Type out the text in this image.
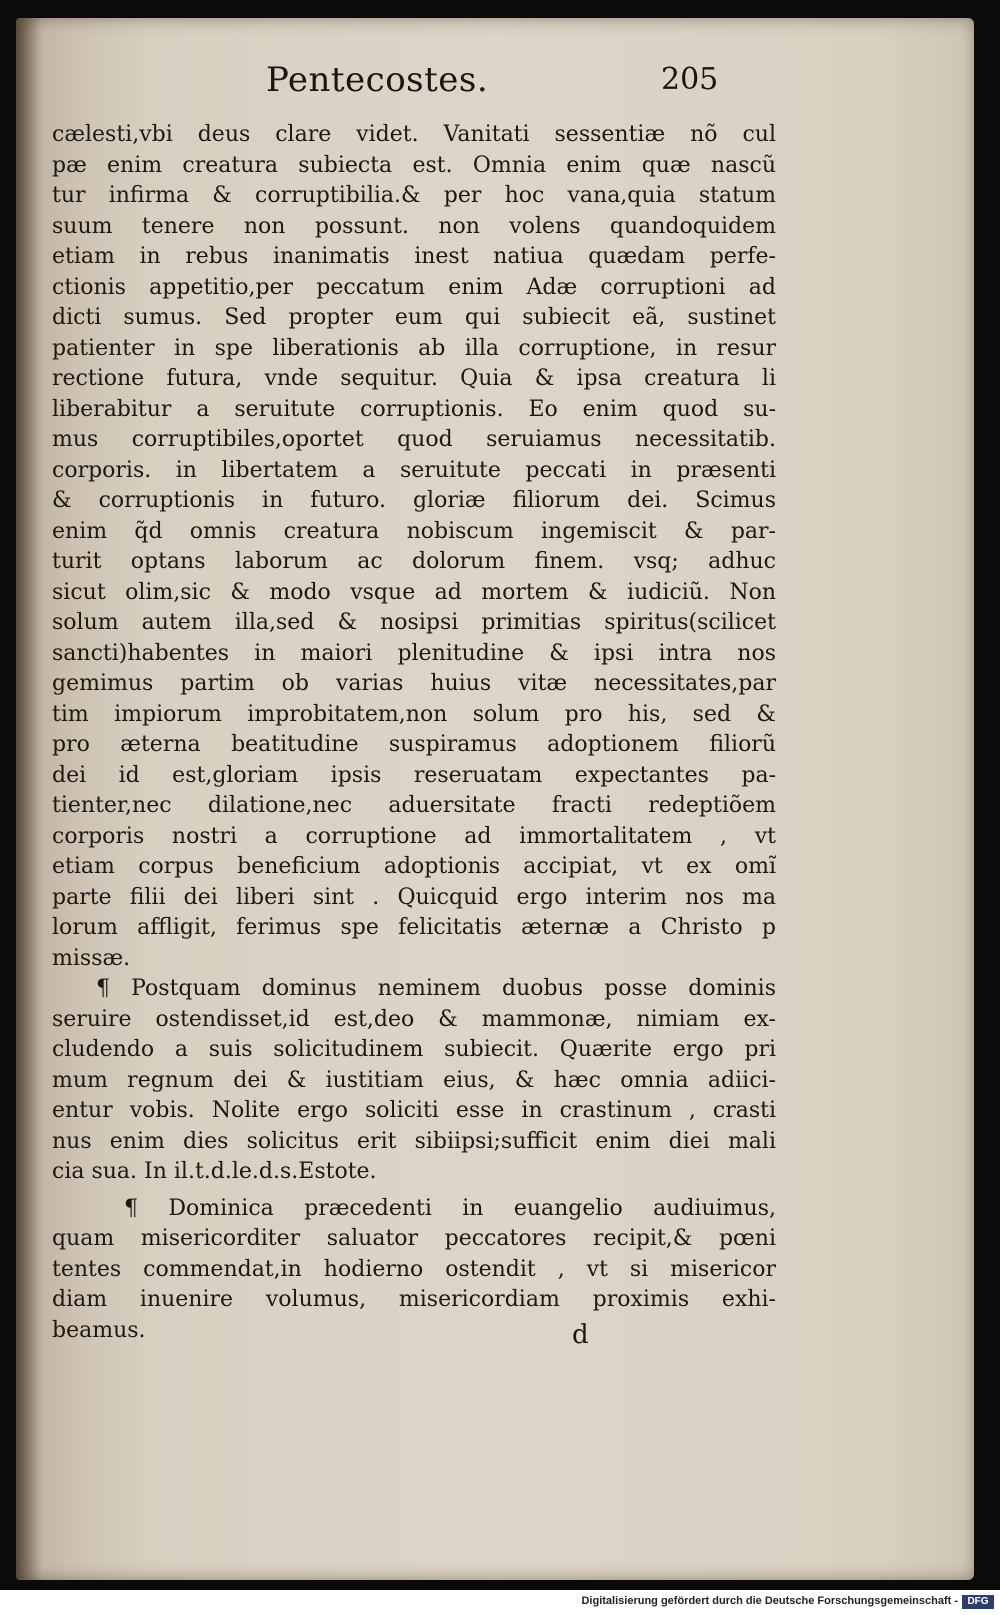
Pentecostes.	205
cælesti,vbi deus clare videt. Vanitati sessentiæ nõ cul
pæ enim creatura subiecta est. Omnia enim quæ nascũ
tur infirma & corruptibilia.& per hoc vana,quia statum
suum tenere non possunt. non volens quandoquidem
etiam in rebus inanimatis inest natiua quædam perfe-
ctionis appetitio,per peccatum enim Adæ corruptioni ad
dicti sumus. Sed propter eum qui subiecit eã, sustinet
patienter in spe liberationis ab illa corruptione, in resur
rectione futura, vnde sequitur. Quia & ipsa creatura li
liberabitur a seruitute corruptionis. Eo enim quod su-
mus corruptibiles,oportet quod seruiamus necessitatib.
corporis. in libertatem a seruitute peccati in præsenti
& corruptionis in futuro. gloriæ filiorum dei. Scimus
enim q̃d omnis creatura nobiscum ingemiscit & par-
turit optans laborum ac dolorum finem. vsq; adhuc
sicut olim,sic & modo vsque ad mortem & iudiciũ. Non
solum autem illa,sed & nosipsi primitias spiritus(scilicet
sancti)habentes in maiori plenitudine & ipsi intra nos
gemimus partim ob varias huius vitæ necessitates,par
tim impiorum improbitatem,non solum pro his, sed &
pro æterna beatitudine suspiramus adoptionem filiorũ
dei id est,gloriam ipsis reseruatam expectantes pa-
tienter,nec dilatione,nec aduersitate fracti redeptiõem
corporis nostri a corruptione ad immortalitatem , vt
etiam corpus beneficium adoptionis accipiat, vt ex omĩ
parte filii dei liberi sint . Quicquid ergo interim nos ma
lorum affligit, ferimus spe felicitatis æternæ a Christo p
missæ.
¶ Postquam dominus neminem duobus posse dominis
seruire ostendisset,id est,deo & mammonæ, nimiam ex-
cludendo a suis solicitudinem subiecit. Quærite ergo pri
mum regnum dei & iustitiam eius, & hæc omnia adiici-
entur vobis. Nolite ergo soliciti esse in crastinum , crasti
nus enim dies solicitus erit sibiipsi;sufficit enim diei mali
cia sua. In il.t.d.le.d.s.Estote.
¶ Dominica præcedenti in euangelio audiuimus,
quam misericorditer saluator peccatores recipit,& pœni
tentes commendat,in hodierno ostendit , vt si misericor
diam inuenire volumus, misericordiam proximis exhi-
beamus.	d
Digitalisierung gefördert durch die Deutsche Forschungsgemeinschaft - DFG
